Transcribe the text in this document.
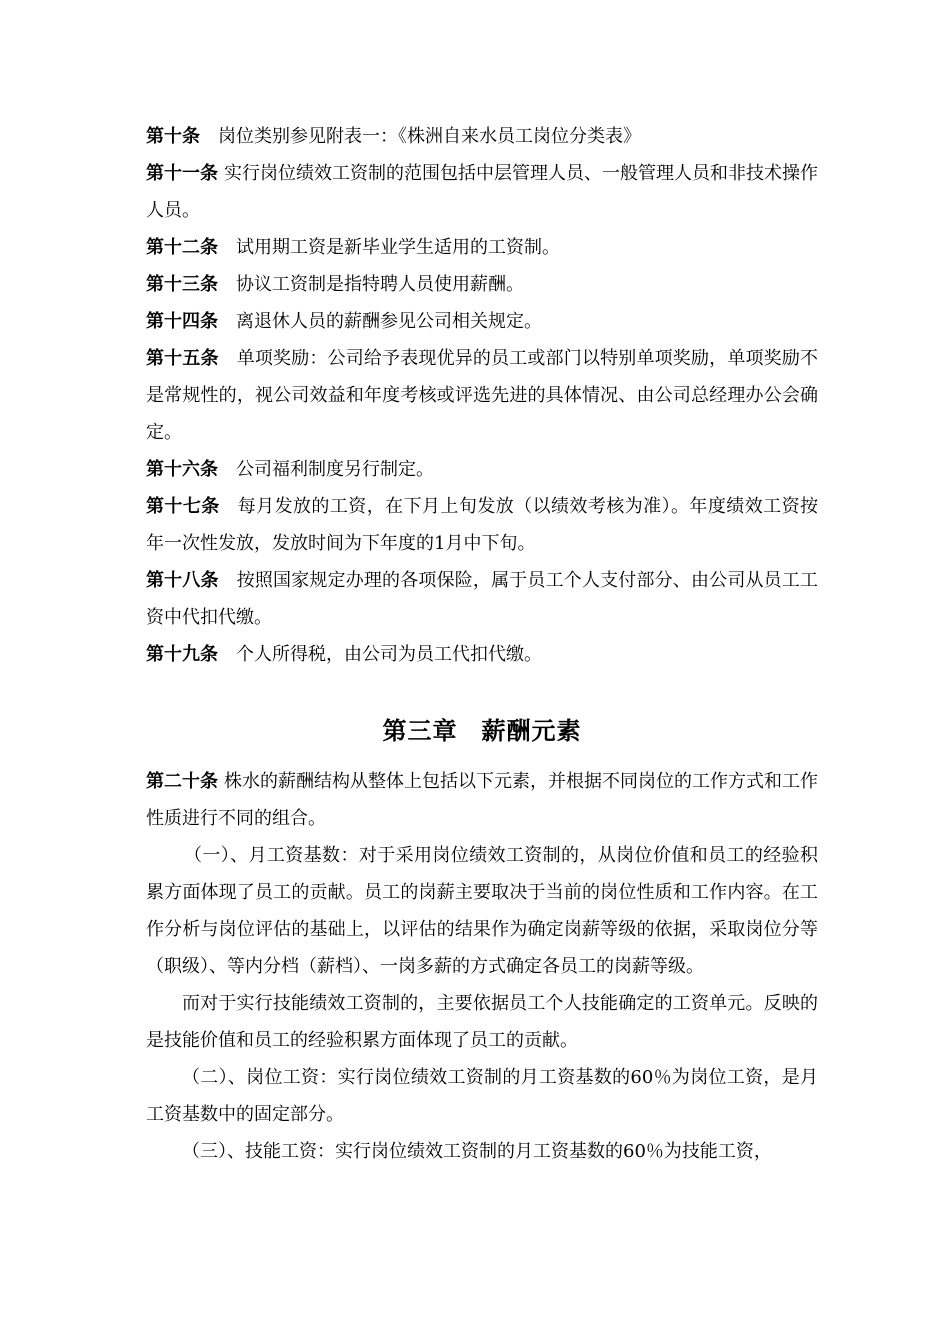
第十条 岗位类别参见附表一：《株洲自来水员工岗位分类表》

第十一条 实行岗位绩效工资制的范围包括中层管理人员、一般管理人员和非技术操作人员。

第十二条 试用期工资是新毕业学生适用的工资制。

第十三条 协议工资制是指特聘人员使用薪酬。

第十四条 离退休人员的薪酬参见公司相关规定。

第十五条 单项奖励：公司给予表现优异的员工或部门以特别单项奖励，单项奖励不是常规性的，视公司效益和年度考核或评选先进的具体情况、由公司总经理办公会确定。

第十六条 公司福利制度另行制定。

第十七条 每月发放的工资，在下月上旬发放（以绩效考核为准）。年度绩效工资按年一次性发放，发放时间为下年度的1月中下旬。

第十八条 按照国家规定办理的各项保险，属于员工个人支付部分、由公司从员工工资中代扣代缴。

第十九条 个人所得税，由公司为员工代扣代缴。

第三章 薪酬元素

第二十条 株水的薪酬结构从整体上包括以下元素，并根据不同岗位的工作方式和工作性质进行不同的组合。

（一）、月工资基数：对于采用岗位绩效工资制的，从岗位价值和员工的经验积累方面体现了员工的贡献。员工的岗薪主要取决于当前的岗位性质和工作内容。在工作分析与岗位评估的基础上，以评估的结果作为确定岗薪等级的依据，采取岗位分等（职级）、等内分档（薪档）、一岗多薪的方式确定各员工的岗薪等级。

而对于实行技能绩效工资制的，主要依据员工个人技能确定的工资单元。反映的是技能价值和员工的经验积累方面体现了员工的贡献。

（二）、岗位工资：实行岗位绩效工资制的月工资基数的60％为岗位工资，是月工资基数中的固定部分。

（三）、技能工资：实行岗位绩效工资制的月工资基数的60％为技能工资，
